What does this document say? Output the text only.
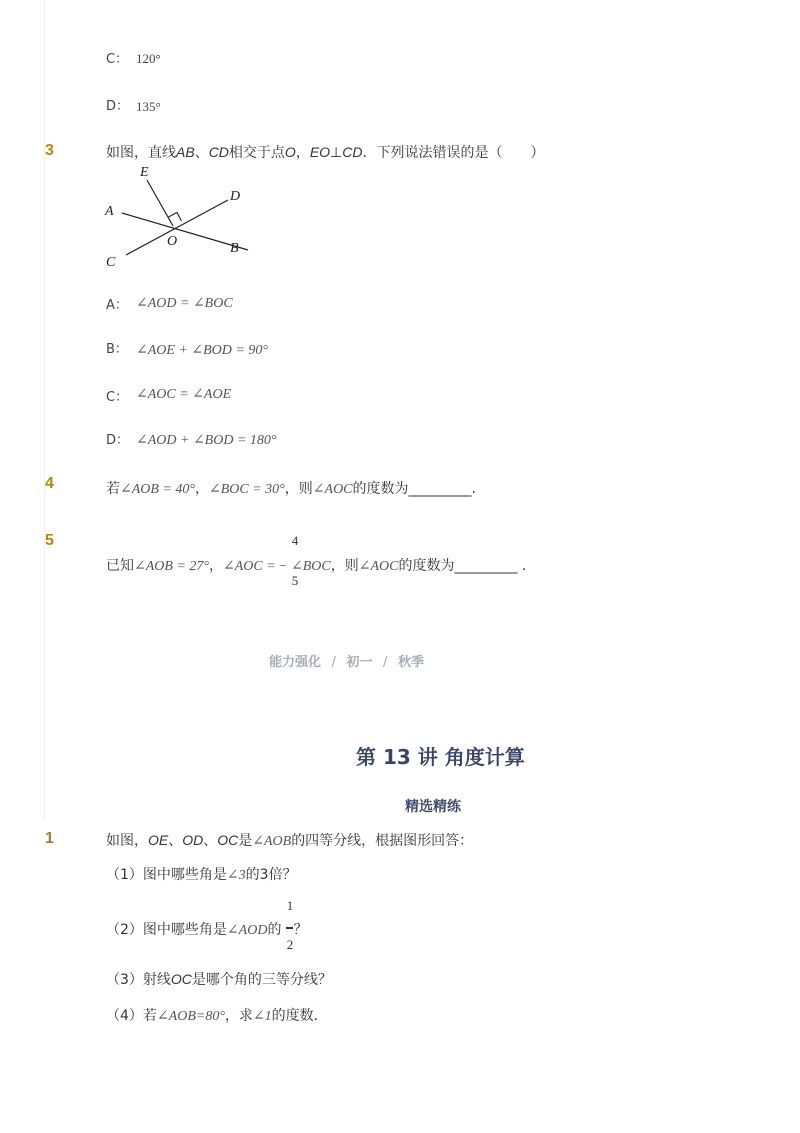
C： 120°
D： 135°
3	如图，直线AB、CD相交于点O，EO⊥CD．下列说法错误的是（　　）
E
D
A
O	B
C
A： ∠AOD = ∠BOC
B： ∠AOE + ∠BOD = 90°
C： ∠AOC = ∠AOE
D： ∠AOD + ∠BOD = 180°
4	若∠AOB = 40°，∠BOC = 30°，则∠AOC的度数为_________.
5	4
5
已知∠AOB = 27°，∠AOC = − ∠BOC，则∠AOC的度数为_________ .
能力强化 / 初一 / 秋季
第 13 讲 角度计算
精选精练
1	如图，OE、OD、OC是∠AOB的四等分线，根据图形回答：
（1）图中哪些角是∠3的3倍？
1
2
（2）图中哪些角是∠AOD的 ？
（3）射线OC是哪个角的三等分线？
（4）若∠AOB=80°，求∠1的度数．
